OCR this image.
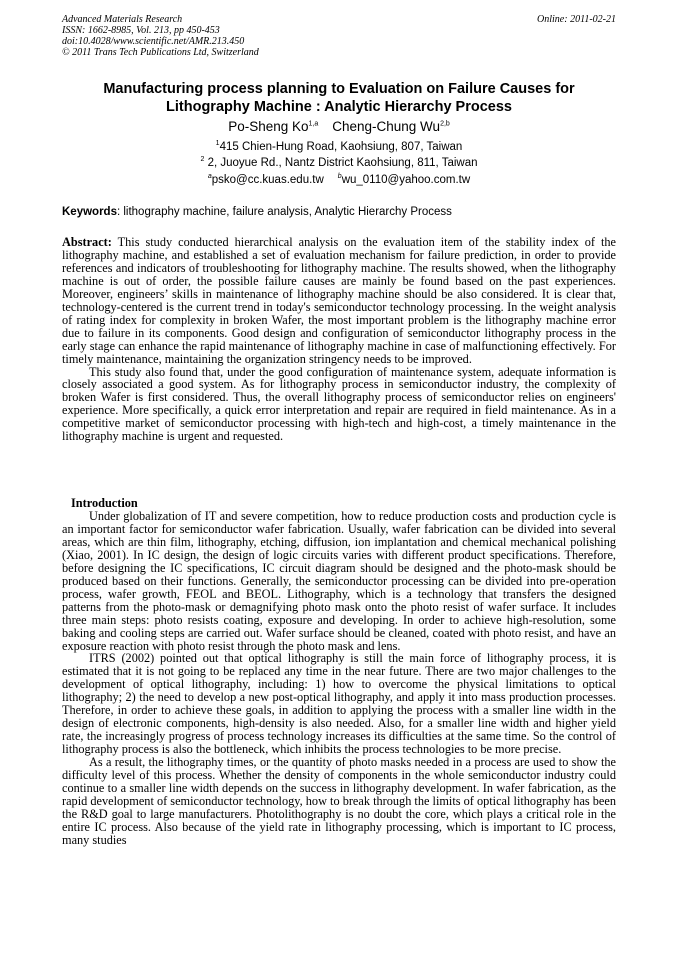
Advanced Materials Research
ISSN: 1662-8985, Vol. 213, pp 450-453
doi:10.4028/www.scientific.net/AMR.213.450
© 2011 Trans Tech Publications Ltd, Switzerland
Online: 2011-02-21
Manufacturing process planning to Evaluation on Failure Causes for
Lithography Machine : Analytic Hierarchy Process
Po-Sheng Ko$^{1,a}$ Cheng-Chung Wu$^{2,b}$
$^1$415 Chien-Hung Road, Kaohsiung, 807, Taiwan
$^2$ 2, Juoyue Rd., Nantz District Kaohsiung, 811, Taiwan
$^a$psko@cc.kuas.edu.tw $^b$wu_0110@yahoo.com.tw
Keywords: lithography machine, failure analysis, Analytic Hierarchy Process

Abstract: This study conducted hierarchical analysis on the evaluation item of the stability index of the lithography machine, and established a set of evaluation mechanism for failure prediction, in order to provide references and indicators of troubleshooting for lithography machine. The results showed, when the lithography machine is out of order, the possible failure causes are mainly be found based on the past experiences. Moreover, engineers’ skills in maintenance of lithography machine should be also considered. It is clear that, technology-centered is the current trend in today's semiconductor technology processing. In the weight analysis of rating index for complexity in broken Wafer, the most important problem is the lithography machine error due to failure in its components. Good design and configuration of semiconductor lithography process in the early stage can enhance the rapid maintenance of lithography machine in case of malfunctioning effectively. For timely maintenance, maintaining the organization stringency needs to be improved.

This study also found that, under the good configuration of maintenance system, adequate information is closely associated a good system. As for lithography process in semiconductor industry, the complexity of broken Wafer is first considered. Thus, the overall lithography process of semiconductor relies on engineers' experience. More specifically, a quick error interpretation and repair are required in field maintenance. As in a competitive market of semiconductor processing with high-tech and high-cost, a timely maintenance in the lithography machine is urgent and requested.

Introduction

Under globalization of IT and severe competition, how to reduce production costs and production cycle is an important factor for semiconductor wafer fabrication. Usually, wafer fabrication can be divided into several areas, which are thin film, lithography, etching, diffusion, ion implantation and chemical mechanical polishing (Xiao, 2001). In IC design, the design of logic circuits varies with different product specifications. Therefore, before designing the IC specifications, IC circuit diagram should be designed and the photo-mask should be produced based on their functions. Generally, the semiconductor processing can be divided into pre-operation process, wafer growth, FEOL and BEOL. Lithography, which is a technology that transfers the designed patterns from the photo-mask or demagnifying photo mask onto the photo resist of wafer surface. It includes three main steps: photo resists coating, exposure and developing. In order to achieve high-resolution, some baking and cooling steps are carried out. Wafer surface should be cleaned, coated with photo resist, and have an exposure reaction with photo resist through the photo mask and lens.

ITRS (2002) pointed out that optical lithography is still the main force of lithography process, it is estimated that it is not going to be replaced any time in the near future. There are two major challenges to the development of optical lithography, including: 1) how to overcome the physical limitations to optical lithography; 2) the need to develop a new post-optical lithography, and apply it into mass production processes. Therefore, in order to achieve these goals, in addition to applying the process with a smaller line width in the design of electronic components, high-density is also needed. Also, for a smaller line width and higher yield rate, the increasingly progress of process technology increases its difficulties at the same time. So the control of lithography process is also the bottleneck, which inhibits the process technologies to be more precise.

As a result, the lithography times, or the quantity of photo masks needed in a process are used to show the difficulty level of this process. Whether the density of components in the whole semiconductor industry could continue to a smaller line width depends on the success in lithography development. In wafer fabrication, as the rapid development of semiconductor technology, how to break through the limits of optical lithography has been the R&D goal to large manufacturers. Photolithography is no doubt the core, which plays a critical role in the entire IC process. Also because of the yield rate in lithography processing, which is important to IC process, many studies
